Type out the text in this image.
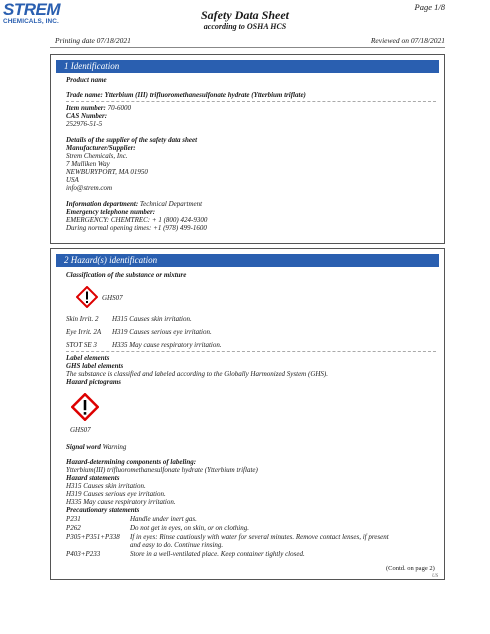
STREM
CHEMICALS, INC.
Page 1/8
Safety Data Sheet
according to OSHA HCS
Printing date 07/18/2021	Reviewed on 07/18/2021
1 Identification
Product name
Trade name: Ytterbium (III) trifluoromethanesulfonate hydrate (Ytterbium triflate)
Item number: 70-6000
CAS Number:
252976-51-5
Details of the supplier of the safety data sheet
Manufacturer/Supplier:
Strem Chemicals, Inc.
7 Mulliken Way
NEWBURYPORT, MA 01950
USA
info@strem.com
Information department: Technical Department
Emergency telephone number:
EMERGENCY: CHEMTREC: + 1 (800) 424-9300
During normal opening times: +1 (978) 499-1600
2 Hazard(s) identification
Classification of the substance or mixture
GHS07
Skin Irrit. 2 H315 Causes skin irritation.
Eye Irrit. 2A H319 Causes serious eye irritation.
STOT SE 3 H335 May cause respiratory irritation.
Label elements
GHS label elements
The substance is classified and labeled according to the Globally Harmonized System (GHS).
Hazard pictograms
GHS07
Signal word Warning
Hazard-determining components of labeling:
Ytterbium(III) trifluoromethanesulfonate hydrate (Ytterbium triflate)
Hazard statements
H315 Causes skin irritation.
H319 Causes serious eye irritation.
H335 May cause respiratory irritation.
Precautionary statements
P231	Handle under inert gas.
P262	Do not get in eyes, on skin, or on clothing.
P305+P351+P338 If in eyes: Rinse cautiously with water for several minutes. Remove contact lenses, if present
and easy to do. Continue rinsing.
P403+P233	Store in a well-ventilated place. Keep container tightly closed.
(Contd. on page 2)
US
